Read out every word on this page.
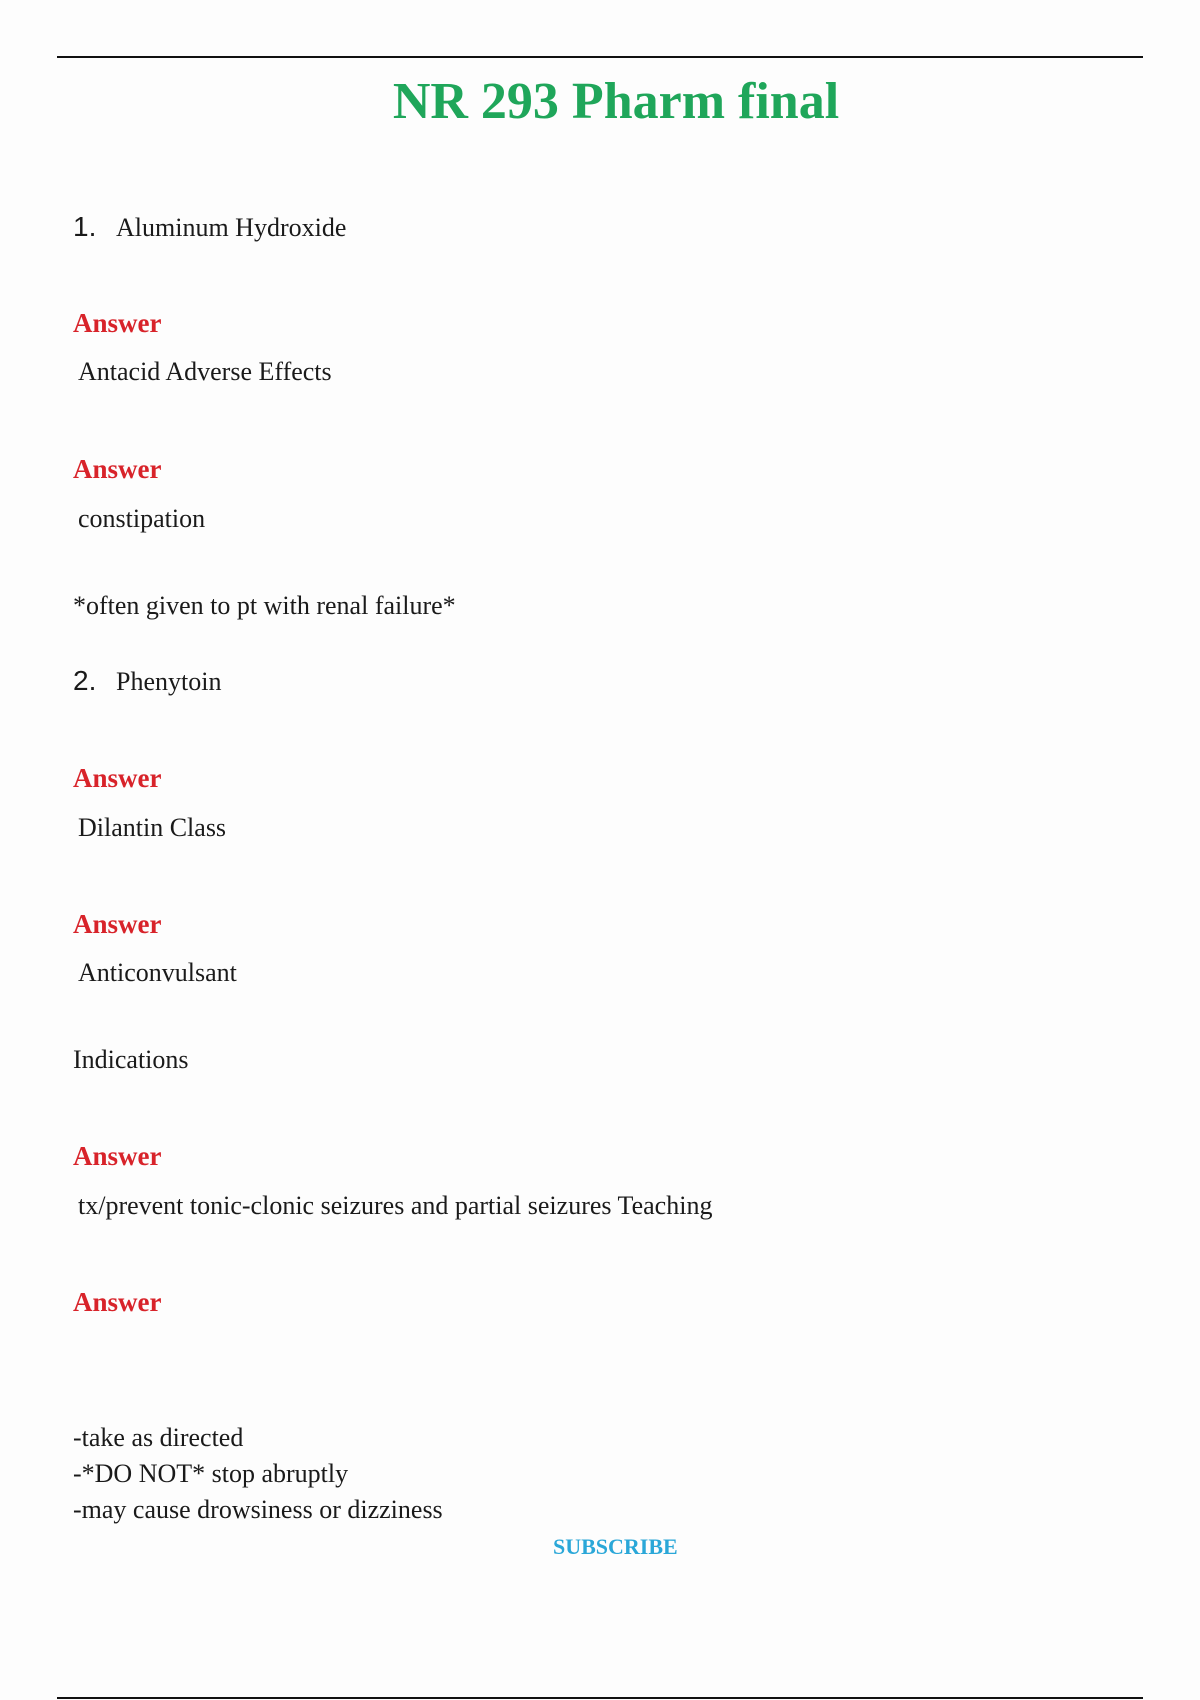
NR 293 Pharm final
1. Aluminum Hydroxide
Answer
Antacid Adverse Effects
Answer
constipation
*often given to pt with renal failure*
2. Phenytoin
Answer
Dilantin Class
Answer
Anticonvulsant
Indications
Answer
tx/prevent tonic-clonic seizures and partial seizures Teaching
Answer
-take as directed
-*DO NOT* stop abruptly
-may cause drowsiness or dizziness
SUBSCRIBE
